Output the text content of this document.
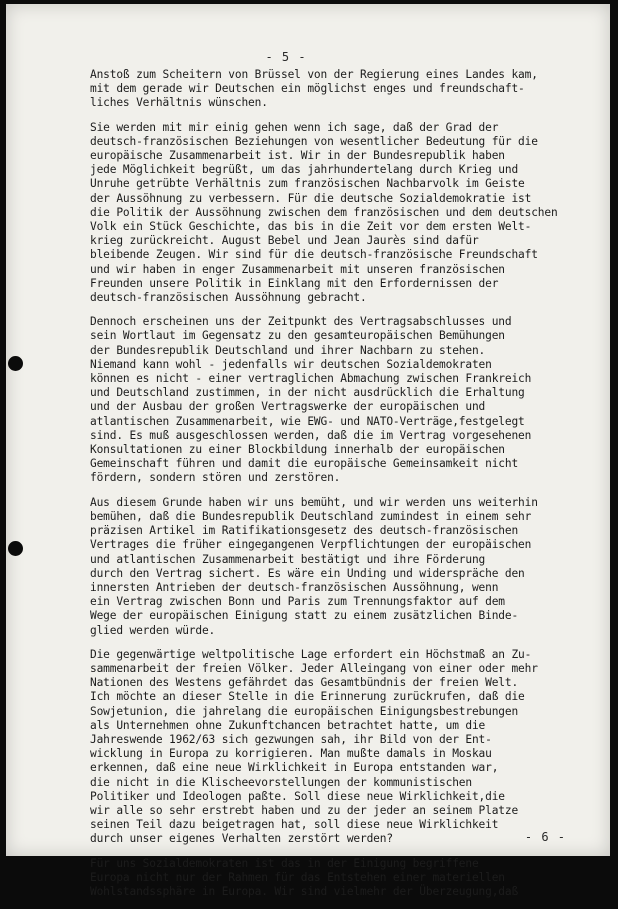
- 5 -
Anstoß zum Scheitern von Brüssel von der Regierung eines Landes kam,
mit dem gerade wir Deutschen ein möglichst enges und freundschaft-
liches Verhältnis wünschen.
Sie werden mit mir einig gehen wenn ich sage, daß der Grad der
deutsch-französischen Beziehungen von wesentlicher Bedeutung für die
europäische Zusammenarbeit ist. Wir in der Bundesrepublik haben
jede Möglichkeit begrüßt, um das jahrhundertelang durch Krieg und
Unruhe getrübte Verhältnis zum französischen Nachbarvolk im Geiste
der Aussöhnung zu verbessern. Für die deutsche Sozialdemokratie ist
die Politik der Aussöhnung zwischen dem französischen und dem deutschen
Volk ein Stück Geschichte, das bis in die Zeit vor dem ersten Welt-
krieg zurückreicht. August Bebel und Jean Jaurès sind dafür
bleibende Zeugen. Wir sind für die deutsch-französische Freundschaft
und wir haben in enger Zusammenarbeit mit unseren französischen
Freunden unsere Politik in Einklang mit den Erfordernissen der
deutsch-französischen Aussöhnung gebracht.
Dennoch erscheinen uns der Zeitpunkt des Vertragsabschlusses und
sein Wortlaut im Gegensatz zu den gesamteuropäischen Bemühungen
der Bundesrepublik Deutschland und ihrer Nachbarn zu stehen.
Niemand kann wohl - jedenfalls wir deutschen Sozialdemokraten
können es nicht - einer vertraglichen Abmachung zwischen Frankreich
und Deutschland zustimmen, in der nicht ausdrücklich die Erhaltung
und der Ausbau der großen Vertragswerke der europäischen und
atlantischen Zusammenarbeit, wie EWG- und NATO-Verträge,festgelegt
sind. Es muß ausgeschlossen werden, daß die im Vertrag vorgesehenen
Konsultationen zu einer Blockbildung innerhalb der europäischen
Gemeinschaft führen und damit die europäische Gemeinsamkeit nicht
fördern, sondern stören und zerstören.
Aus diesem Grunde haben wir uns bemüht, und wir werden uns weiterhin
bemühen, daß die Bundesrepublik Deutschland zumindest in einem sehr
präzisen Artikel im Ratifikationsgesetz des deutsch-französischen
Vertrages die früher eingegangenen Verpflichtungen der europäischen
und atlantischen Zusammenarbeit bestätigt und ihre Förderung
durch den Vertrag sichert. Es wäre ein Unding und widerspräche den
innersten Antrieben der deutsch-französischen Aussöhnung, wenn
ein Vertrag zwischen Bonn und Paris zum Trennungsfaktor auf dem
Wege der europäischen Einigung statt zu einem zusätzlichen Binde-
glied werden würde.
Die gegenwärtige weltpolitische Lage erfordert ein Höchstmaß an Zu-
sammenarbeit der freien Völker. Jeder Alleingang von einer oder mehr
Nationen des Westens gefährdet das Gesamtbündnis der freien Welt.
Ich möchte an dieser Stelle in die Erinnerung zurückrufen, daß die
Sowjetunion, die jahrelang die europäischen Einigungsbestrebungen
als Unternehmen ohne Zukunftchancen betrachtet hatte, um die
Jahreswende 1962/63 sich gezwungen sah, ihr Bild von der Ent-
wicklung in Europa zu korrigieren. Man mußte damals in Moskau
erkennen, daß eine neue Wirklichkeit in Europa entstanden war,
die nicht in die Klischeevorstellungen der kommunistischen
Politiker und Ideologen paßte. Soll diese neue Wirklichkeit,die
wir alle so sehr erstrebt haben und zu der jeder an seinem Platze
seinen Teil dazu beigetragen hat, soll diese neue Wirklichkeit
durch unser eigenes Verhalten zerstört werden?
Für uns Sozialdemokraten ist das in der Einigung begriffene
Europa nicht nur der Rahmen für das Entstehen einer materiellen
Wohlstandssphäre in Europa. Wir sind vielmehr der Überzeugung,daß
- 6 -
